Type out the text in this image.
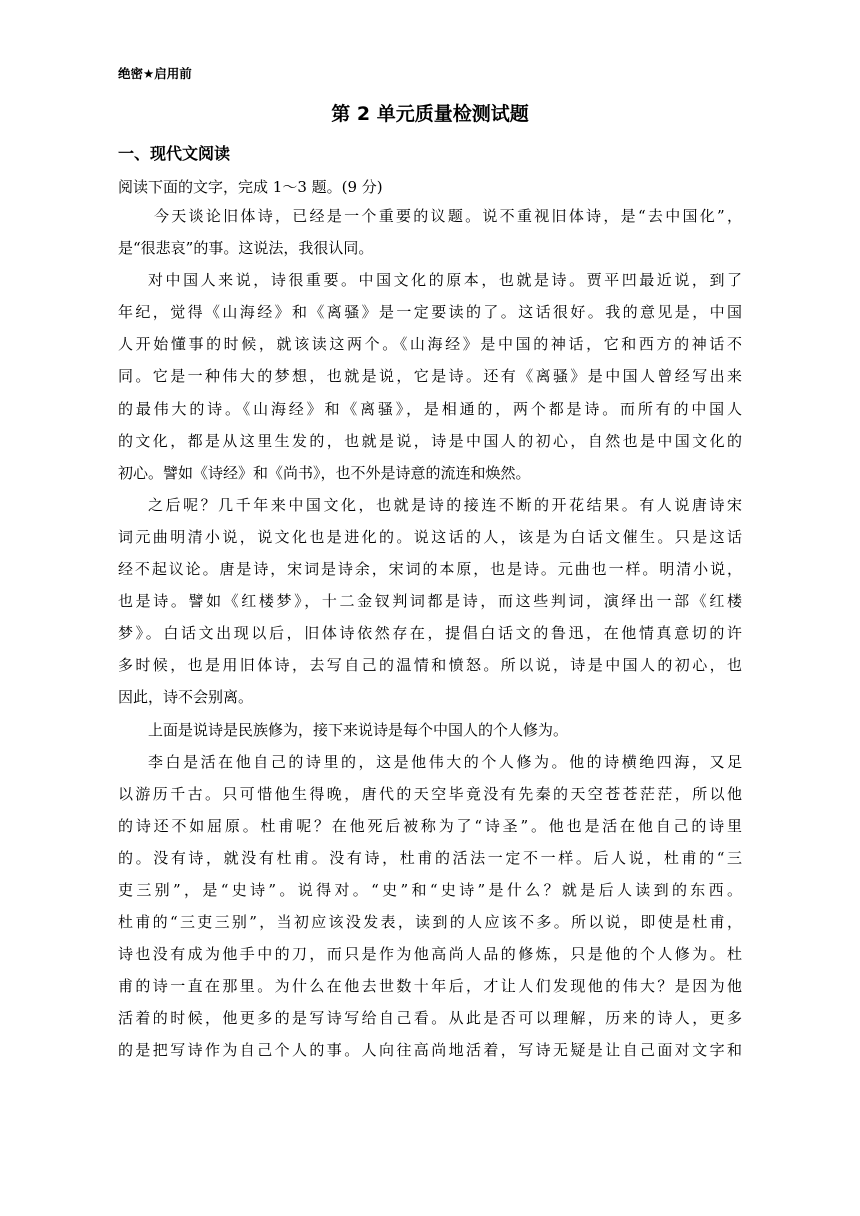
绝密★启用前
第 2 单元质量检测试题
一、现代文阅读
阅读下面的文字，完成 1～3 题。(9 分)
今天谈论旧体诗，已经是一个重要的议题。说不重视旧体诗，是“去中国化”，
是“很悲哀”的事。这说法，我很认同。
对中国人来说，诗很重要。中国文化的原本，也就是诗。贾平凹最近说，到了
年纪，觉得《山海经》和《离骚》是一定要读的了。这话很好。我的意见是，中国
人开始懂事的时候，就该读这两个。《山海经》是中国的神话，它和西方的神话不
同。它是一种伟大的梦想，也就是说，它是诗。还有《离骚》是中国人曾经写出来
的最伟大的诗。《山海经》和《离骚》，是相通的，两个都是诗。而所有的中国人
的文化，都是从这里生发的，也就是说，诗是中国人的初心，自然也是中国文化的
初心。譬如《诗经》和《尚书》，也不外是诗意的流连和焕然。
之后呢？几千年来中国文化，也就是诗的接连不断的开花结果。有人说唐诗宋
词元曲明清小说，说文化也是进化的。说这话的人，该是为白话文催生。只是这话
经不起议论。唐是诗，宋词是诗余，宋词的本原，也是诗。元曲也一样。明清小说，
也是诗。譬如《红楼梦》，十二金钗判词都是诗，而这些判词，演绎出一部《红楼
梦》。白话文出现以后，旧体诗依然存在，提倡白话文的鲁迅，在他情真意切的许
多时候，也是用旧体诗，去写自己的温情和愤怒。所以说，诗是中国人的初心，也
因此，诗不会别离。
上面是说诗是民族修为，接下来说诗是每个中国人的个人修为。
李白是活在他自己的诗里的，这是他伟大的个人修为。他的诗横绝四海，又足
以游历千古。只可惜他生得晚，唐代的天空毕竟没有先秦的天空苍苍茫茫，所以他
的诗还不如屈原。杜甫呢？在他死后被称为了“诗圣”。他也是活在他自己的诗里
的。没有诗，就没有杜甫。没有诗，杜甫的活法一定不一样。后人说，杜甫的“三
吏三别”，是“史诗”。说得对。“史”和“史诗”是什么？就是后人读到的东西。
杜甫的“三吏三别”，当初应该没发表，读到的人应该不多。所以说，即使是杜甫，
诗也没有成为他手中的刀，而只是作为他高尚人品的修炼，只是他的个人修为。杜
甫的诗一直在那里。为什么在他去世数十年后，才让人们发现他的伟大？是因为他
活着的时候，他更多的是写诗写给自己看。从此是否可以理解，历来的诗人，更多
的是把写诗作为自己个人的事。人向往高尚地活着，写诗无疑是让自己面对文字和
